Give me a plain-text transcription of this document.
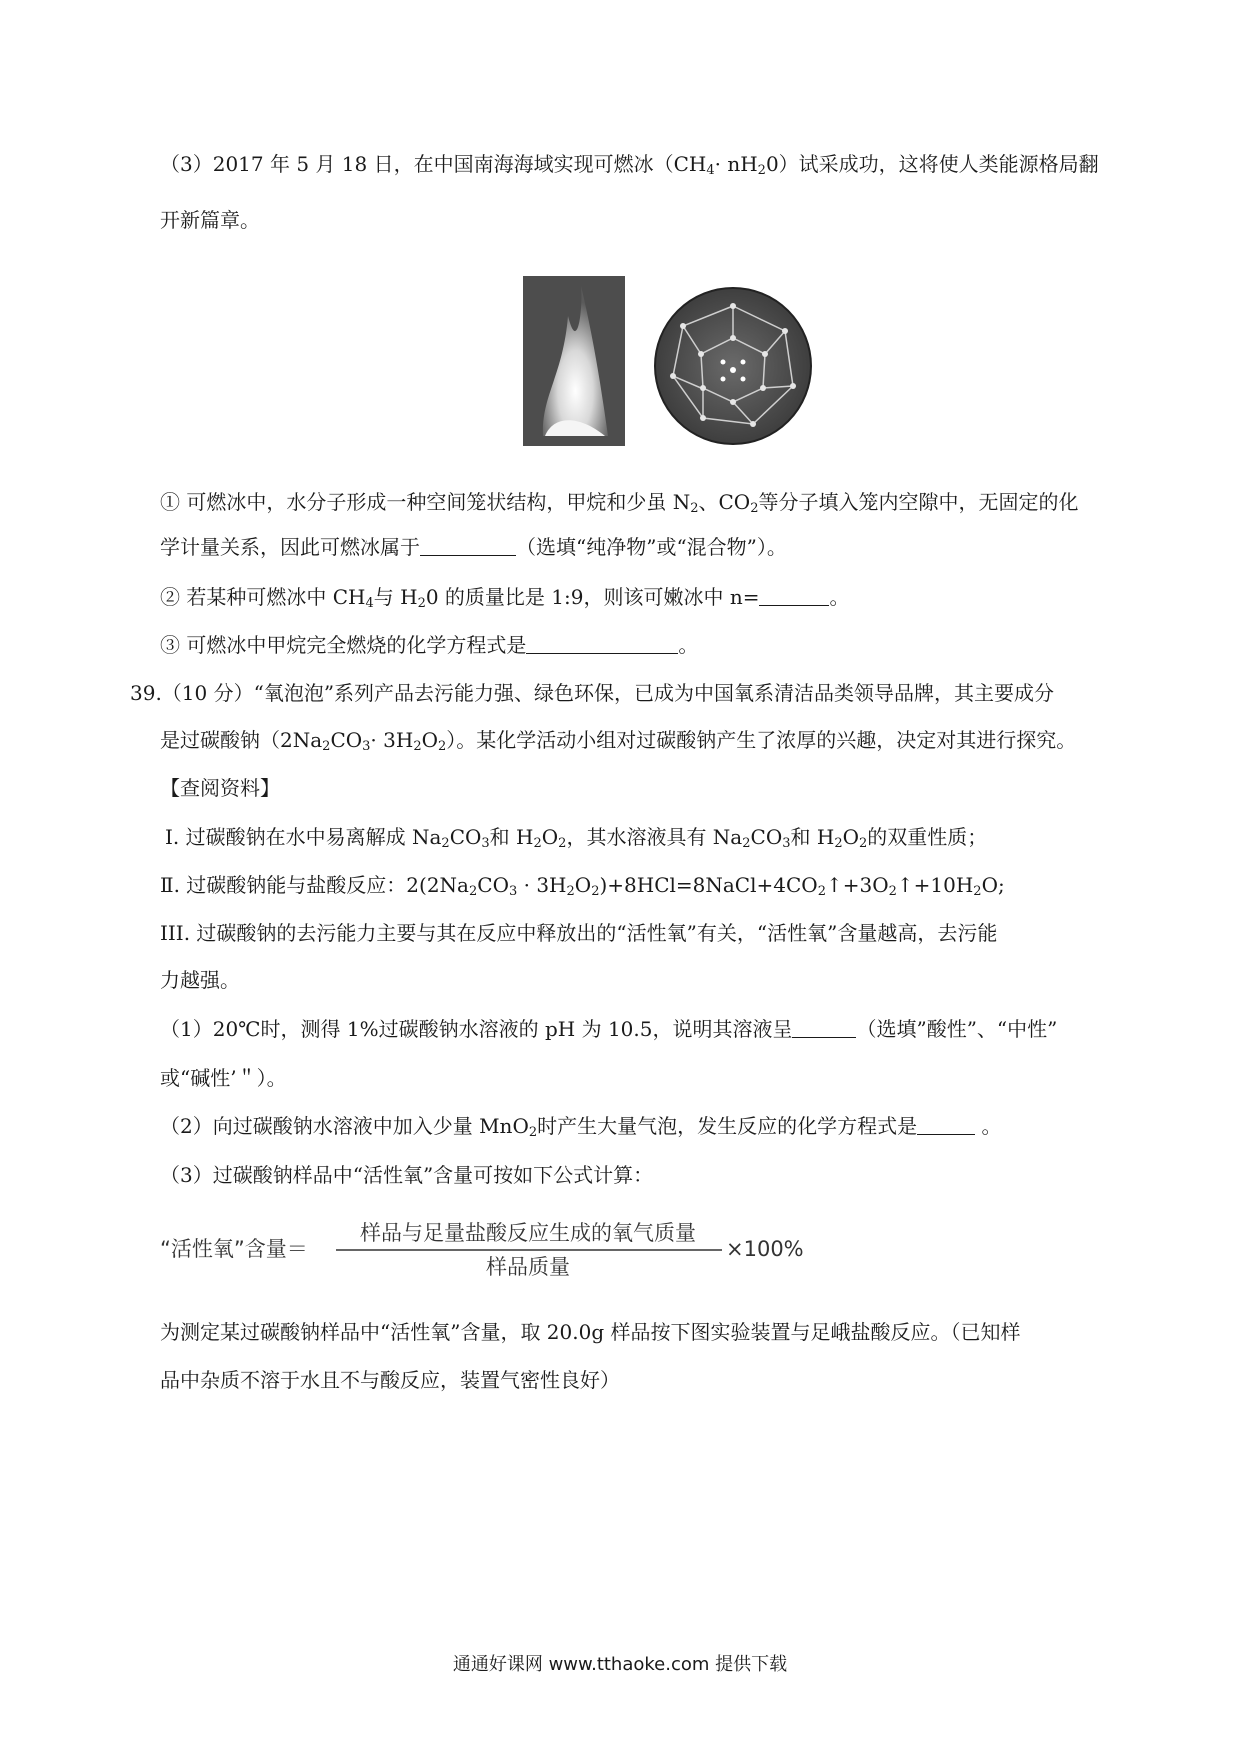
（3）2017 年 5 月 18 日，在中国南海海域实现可燃冰$(CH_4\cdot nH_20)$试采成功，这将使人类能源格局翻
开新篇章。
① 可燃冰中，水分子形成一种空间笼状结构，甲烷和少虽 $N_2$、$CO_2$等分子填入笼内空隙中，无固定的化
学计量关系，因此可燃冰属于	（选填“纯净物”或“混合物”）。
② 若某种可燃冰中 $CH_4$与 $H_20$ 的质量比是 1:9，则该可嫩冰中 n=	。
③ 可燃冰中甲烷完全燃烧的化学方程式是	。
39.（10 分）“氧泡泡”系列产品去污能力强、绿色环保，已成为中国氧系清洁品类领导品牌，其主要成分
是过碳酸钠$(2Na_2CO_3\cdot 3H_2O_2)$。某化学活动小组对过碳酸钠产生了浓厚的兴趣，决定对其进行探究。
【查阅资料】
Ⅰ. 过碳酸钠在水中易离解成 $Na_2CO_3$和 $H_2O_2$，其水溶液具有 $Na_2CO_3$和 $H_2O_2$的双重性质；
Ⅱ. 过碳酸钠能与盐酸反应：$2(2Na_2CO_3$ · $3H_2O_2)+8HCl=8NaCl+4CO_2↑+3O_2↑+10H_2O$;
III. 过碳酸钠的去污能力主要与其在反应中释放出的“活性氧”有关，“活性氧”含量越高，去污能
力越强。
（1）20℃时，测得 1%过碳酸钠水溶液的 pH 为 10.5，说明其溶液呈	（选填”酸性”、“中性”
或“碱性’＂）。
（2）向过碳酸钠水溶液中加入少量 MnO$_2$时产生大量气泡，发生反应的化学方程式是	。
（3）过碳酸钠样品中“活性氧”含量可按如下公式计算：
“活性氧”含量＝
样品与足量盐酸反应生成的氧气质量
样品质量
×100%
为测定某过碳酸钠样品中“活性氧”含量，取 20.0g 样品按下图实验装置与足峨盐酸反应。（已知样
品中杂质不溶于水且不与酸反应，装置气密性良好）
通通好课网 www.tthaoke.com 提供下载
